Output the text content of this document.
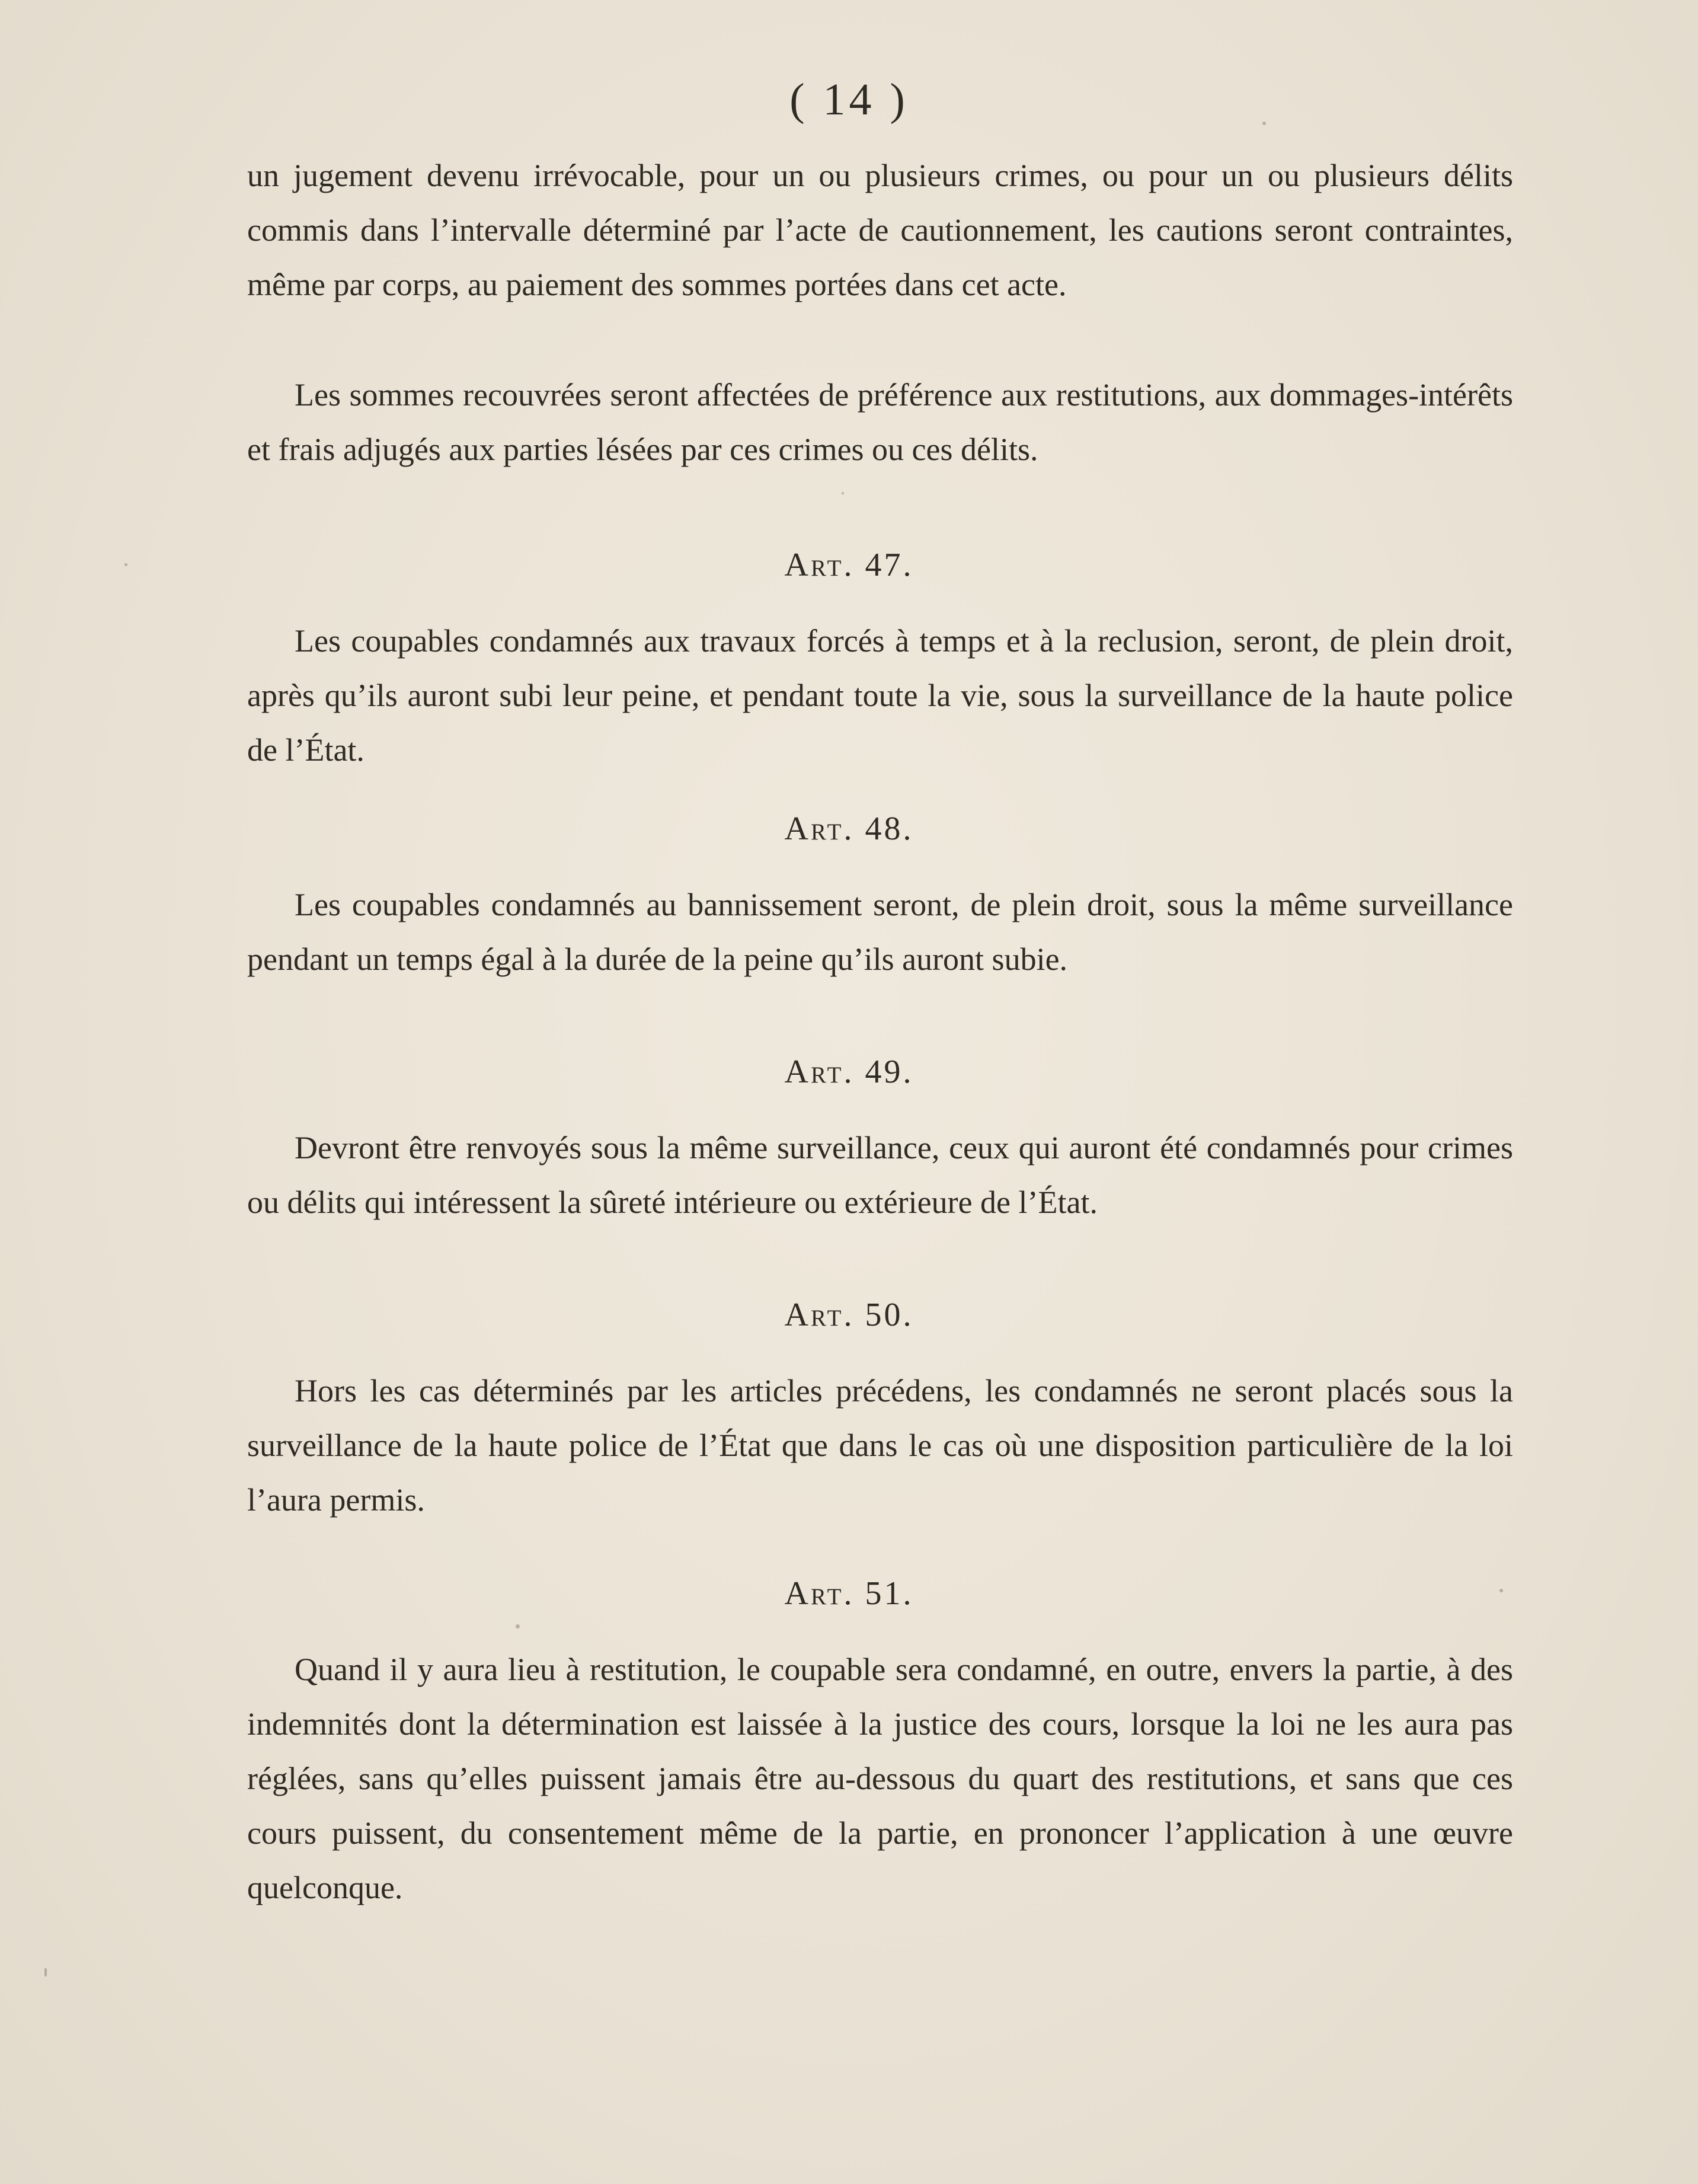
( 14 )
un jugement devenu irrévocable, pour un ou plusieurs crimes, ou pour un ou plusieurs délits commis dans l’intervalle déterminé par l’acte de cautionnement, les cautions seront contraintes, même par corps, au paiement des sommes portées dans cet acte.
Les sommes recouvrées seront affectées de préférence aux restitutions, aux dommages-intérêts et frais adjugés aux parties lésées par ces crimes ou ces délits.
Art. 47.
Les coupables condamnés aux travaux forcés à temps et à la reclusion, seront, de plein droit, après qu’ils auront subi leur peine, et pendant toute la vie, sous la surveillance de la haute police de l’État.
Art. 48.
Les coupables condamnés au bannissement seront, de plein droit, sous la même surveillance pendant un temps égal à la durée de la peine qu’ils auront subie.
Art. 49.
Devront être renvoyés sous la même surveillance, ceux qui auront été condamnés pour crimes ou délits qui intéressent la sûreté intérieure ou extérieure de l’État.
Art. 50.
Hors les cas déterminés par les articles précédens, les condamnés ne seront placés sous la surveillance de la haute police de l’État que dans le cas où une disposition particulière de la loi l’aura permis.
Art. 51.
Quand il y aura lieu à restitution, le coupable sera condamné, en outre, envers la partie, à des indemnités dont la détermination est laissée à la justice des cours, lorsque la loi ne les aura pas réglées, sans qu’elles puissent jamais être au-dessous du quart des restitutions, et sans que ces cours puissent, du consentement même de la partie, en prononcer l’application à une œuvre quelconque.
